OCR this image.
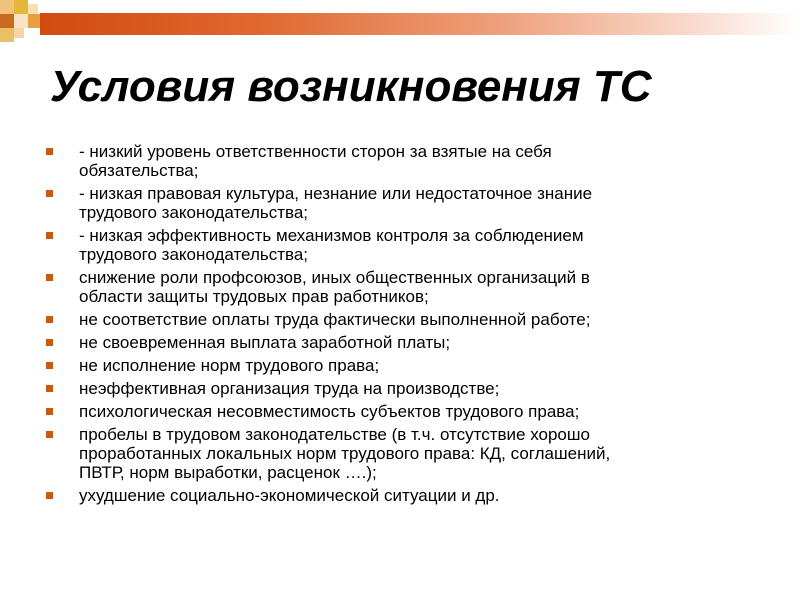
Условия возникновения ТС
- низкий уровень ответственности сторон за взятые на себя
обязательства;
- низкая правовая культура, незнание или недостаточное знание
трудового законодательства;
- низкая эффективность механизмов контроля за соблюдением
трудового законодательства;
снижение роли профсоюзов, иных общественных организаций в
области защиты трудовых прав работников;
не соответствие оплаты труда фактически выполненной работе;
не своевременная выплата заработной платы;
не исполнение норм трудового права;
неэффективная организация труда на производстве;
психологическая несовместимость субъектов трудового права;
пробелы в трудовом законодательстве (в т.ч. отсутствие хорошо
проработанных локальных норм трудового права: КД, соглашений,
ПВТР, норм выработки, расценок ….);
ухудшение социально-экономической ситуации и др.
